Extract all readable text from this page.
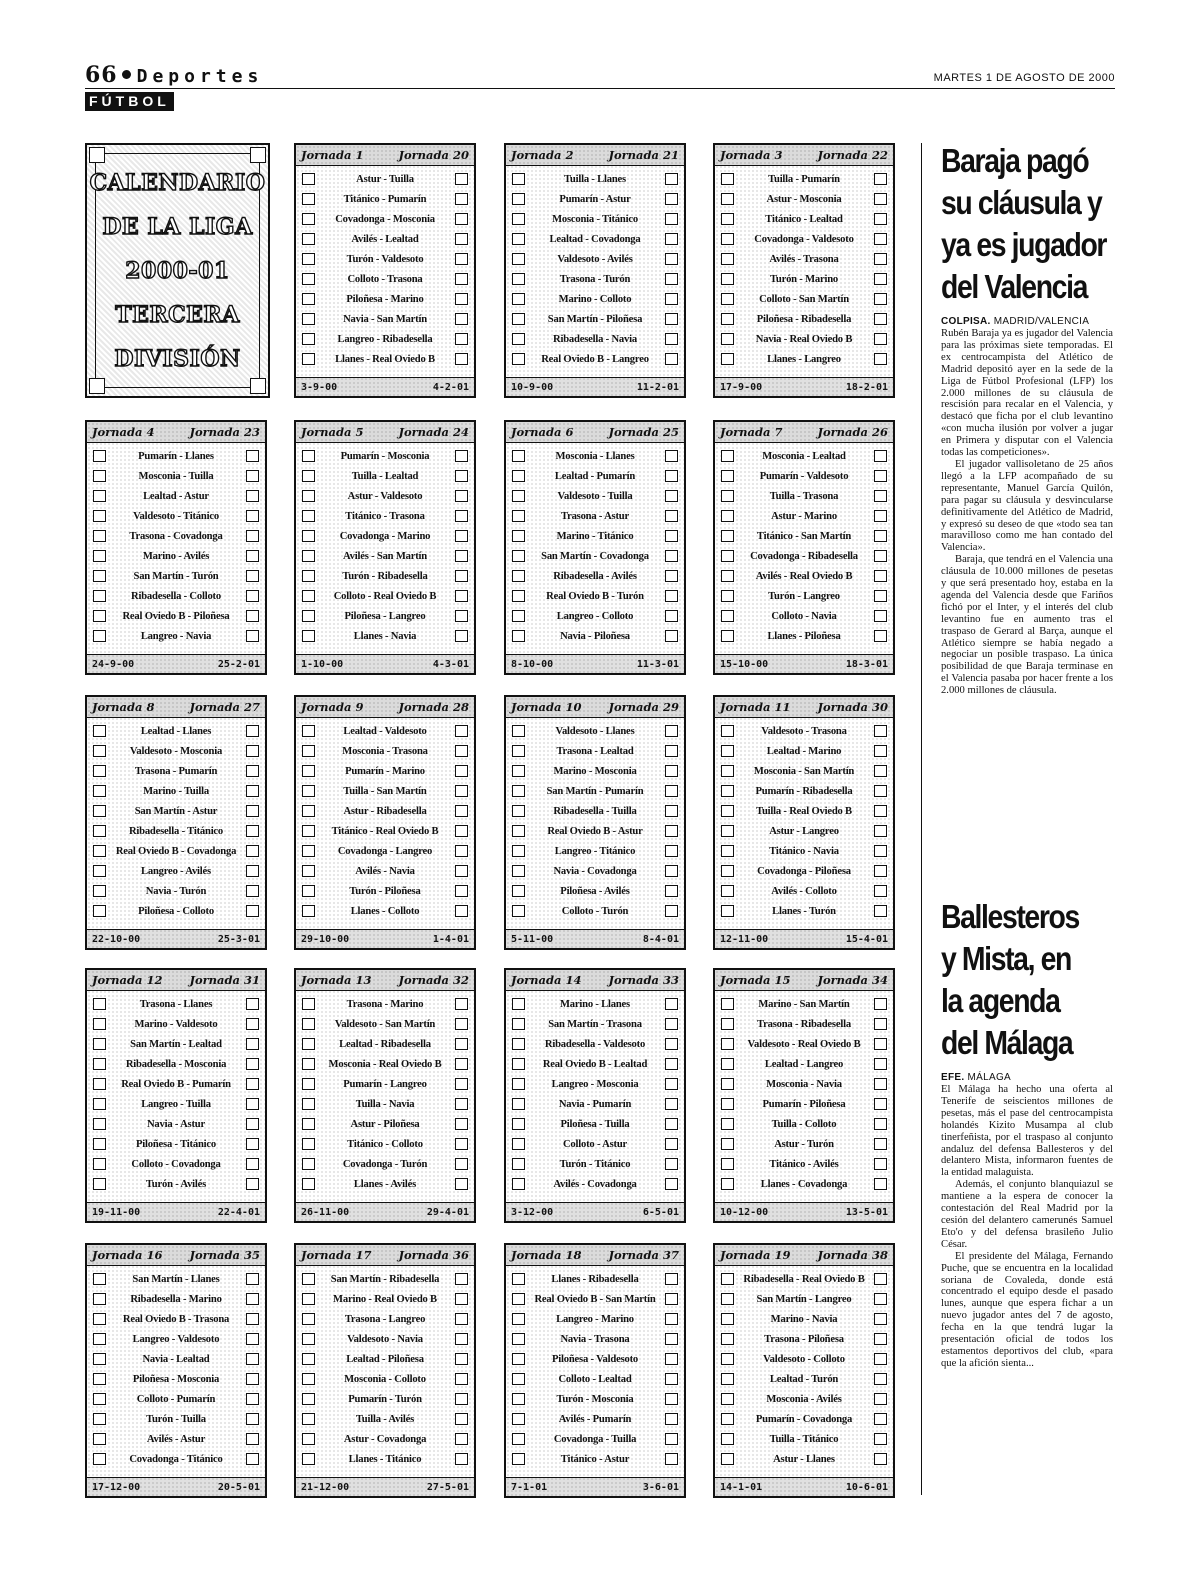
66 Deportes	MARTES 1 DE AGOSTO DE 2000
FÚTBOL
CALENDARIO
DE LA LIGA
2000-01
TERCERA
DIVISIÓN
Jornada 1	Jornada 20
Astur - Tuilla
Titánico - Pumarín
Covadonga - Mosconia
Avilés - Lealtad
Turón - Valdesoto
Colloto - Trasona
Piloñesa - Marino
Navia - San Martín
Langreo - Ribadesella
Llanes - Real Oviedo B
3-9-00	4-2-01
Jornada 2	Jornada 21
Tuilla - Llanes
Pumarín - Astur
Mosconia - Titánico
Lealtad - Covadonga
Valdesoto - Avilés
Trasona - Turón
Marino - Colloto
San Martín - Piloñesa
Ribadesella - Navia
Real Oviedo B - Langreo
10-9-00	11-2-01
Jornada 3	Jornada 22
Tuilla - Pumarín
Astur - Mosconia
Titánico - Lealtad
Covadonga - Valdesoto
Avilés - Trasona
Turón - Marino
Colloto - San Martín
Piloñesa - Ribadesella
Navia - Real Oviedo B
Llanes - Langreo
17-9-00	18-2-01
Jornada 4	Jornada 23
Pumarín - Llanes
Mosconia - Tuilla
Lealtad - Astur
Valdesoto - Titánico
Trasona - Covadonga
Marino - Avilés
San Martín - Turón
Ribadesella - Colloto
Real Oviedo B - Piloñesa
Langreo - Navia
24-9-00	25-2-01
Jornada 5	Jornada 24
Pumarín - Mosconia
Tuilla - Lealtad
Astur - Valdesoto
Titánico - Trasona
Covadonga - Marino
Avilés - San Martín
Turón - Ribadesella
Colloto - Real Oviedo B
Piloñesa - Langreo
Llanes - Navia
1-10-00	4-3-01
Jornada 6	Jornada 25
Mosconia - Llanes
Lealtad - Pumarín
Valdesoto - Tuilla
Trasona - Astur
Marino - Titánico
San Martín - Covadonga
Ribadesella - Avilés
Real Oviedo B - Turón
Langreo - Colloto
Navia - Piloñesa
8-10-00	11-3-01
Jornada 7	Jornada 26
Mosconia - Lealtad
Pumarín - Valdesoto
Tuilla - Trasona
Astur - Marino
Titánico - San Martín
Covadonga - Ribadesella
Avilés - Real Oviedo B
Turón - Langreo
Colloto - Navia
Llanes - Piloñesa
15-10-00	18-3-01
Jornada 8	Jornada 27
Lealtad - Llanes
Valdesoto - Mosconia
Trasona - Pumarín
Marino - Tuilla
San Martín - Astur
Ribadesella - Titánico
Real Oviedo B - Covadonga
Langreo - Avilés
Navia - Turón
Piloñesa - Colloto
22-10-00	25-3-01
Jornada 9	Jornada 28
Lealtad - Valdesoto
Mosconia - Trasona
Pumarín - Marino
Tuilla - San Martín
Astur - Ribadesella
Titánico - Real Oviedo B
Covadonga - Langreo
Avilés - Navia
Turón - Piloñesa
Llanes - Colloto
29-10-00	1-4-01
Jornada 10 Jornada 29
Valdesoto - Llanes
Trasona - Lealtad
Marino - Mosconia
San Martín - Pumarín
Ribadesella - Tuilla
Real Oviedo B - Astur
Langreo - Titánico
Navia - Covadonga
Piloñesa - Avilés
Colloto - Turón
5-11-00	8-4-01
Jornada 11 Jornada 30
Valdesoto - Trasona
Lealtad - Marino
Mosconia - San Martín
Pumarín - Ribadesella
Tuilla - Real Oviedo B
Astur - Langreo
Titánico - Navia
Covadonga - Piloñesa
Avilés - Colloto
Llanes - Turón
12-11-00	15-4-01
Jornada 12 Jornada 31
Trasona - Llanes
Marino - Valdesoto
San Martín - Lealtad
Ribadesella - Mosconia
Real Oviedo B - Pumarín
Langreo - Tuilla
Navia - Astur
Piloñesa - Titánico
Colloto - Covadonga
Turón - Avilés
19-11-00	22-4-01
Jornada 13 Jornada 32
Trasona - Marino
Valdesoto - San Martín
Lealtad - Ribadesella
Mosconia - Real Oviedo B
Pumarín - Langreo
Tuilla - Navia
Astur - Piloñesa
Titánico - Colloto
Covadonga - Turón
Llanes - Avilés
26-11-00	29-4-01
Jornada 14 Jornada 33
Marino - Llanes
San Martín - Trasona
Ribadesella - Valdesoto
Real Oviedo B - Lealtad
Langreo - Mosconia
Navia - Pumarín
Piloñesa - Tuilla
Colloto - Astur
Turón - Titánico
Avilés - Covadonga
3-12-00	6-5-01
Jornada 15 Jornada 34
Marino - San Martín
Trasona - Ribadesella
Valdesoto - Real Oviedo B
Lealtad - Langreo
Mosconia - Navia
Pumarín - Piloñesa
Tuilla - Colloto
Astur - Turón
Titánico - Avilés
Llanes - Covadonga
10-12-00	13-5-01
Jornada 16 Jornada 35
San Martín - Llanes
Ribadesella - Marino
Real Oviedo B - Trasona
Langreo - Valdesoto
Navia - Lealtad
Piloñesa - Mosconia
Colloto - Pumarín
Turón - Tuilla
Avilés - Astur
Covadonga - Titánico
17-12-00	20-5-01
Jornada 17 Jornada 36
San Martín - Ribadesella
Marino - Real Oviedo B
Trasona - Langreo
Valdesoto - Navia
Lealtad - Piloñesa
Mosconia - Colloto
Pumarín - Turón
Tuilla - Avilés
Astur - Covadonga
Llanes - Titánico
21-12-00	27-5-01
Jornada 18 Jornada 37
Llanes - Ribadesella
Real Oviedo B - San Martín
Langreo - Marino
Navia - Trasona
Piloñesa - Valdesoto
Colloto - Lealtad
Turón - Mosconia
Avilés - Pumarín
Covadonga - Tuilla
Titánico - Astur
7-1-01	3-6-01
Jornada 19 Jornada 38
Ribadesella - Real Oviedo B
San Martín - Langreo
Marino - Navia
Trasona - Piloñesa
Valdesoto - Colloto
Lealtad - Turón
Mosconia - Avilés
Pumarín - Covadonga
Tuilla - Titánico
Astur - Llanes
14-1-01	10-6-01
Baraja pagó
su cláusula y
ya es jugador
del Valencia
COLPISA. MADRID/VALENCIA

Rubén Baraja ya es jugador del Valencia para las próximas siete temporadas. El ex centrocampista del Atlético de Madrid depositó ayer en la sede de la Liga de Fútbol Profesional (LFP) los 2.000 millones de su cláusula de rescisión para recalar en el Valencia, y destacó que ficha por el club levantino «con mucha ilusión por volver a jugar en Primera y disputar con el Valencia todas las competiciones».

El jugador vallisoletano de 25 años llegó a la LFP acompañado de su representante, Manuel García Quilón, para pagar su cláusula y desvincularse definitivamente del Atlético de Madrid, y expresó su deseo de que «todo sea tan maravilloso como me han contado del Valencia».

Baraja, que tendrá en el Valencia una cláusula de 10.000 millones de pesetas y que será presentado hoy, estaba en la agenda del Valencia desde que Fariños fichó por el Inter, y el interés del club levantino fue en aumento tras el traspaso de Gerard al Barça, aunque el Atlético siempre se había negado a negociar un posible traspaso. La única posibilidad de que Baraja terminase en el Valencia pasaba por hacer frente a los 2.000 millones de cláusula.

Ballesteros
y Mista, en
la agenda
del Málaga
EFE. MÁLAGA

El Málaga ha hecho una oferta al Tenerife de seiscientos millones de pesetas, más el pase del centrocampista holandés Kizito Musampa al club tinerfeñista, por el traspaso al conjunto andaluz del defensa Ballesteros y del delantero Mista, informaron fuentes de la entidad malaguista.

Además, el conjunto blanquiazul se mantiene a la espera de conocer la contestación del Real Madrid por la cesión del delantero camerunés Samuel Eto'o y del defensa brasileño Julio César.

El presidente del Málaga, Fernando Puche, que se encuentra en la localidad soriana de Covaleda, donde está concentrado el equipo desde el pasado lunes, aunque que espera fichar a un nuevo jugador antes del 7 de agosto, fecha en la que tendrá lugar la presentación oficial de todos los estamentos deportivos del club, «para que la afición sienta...
